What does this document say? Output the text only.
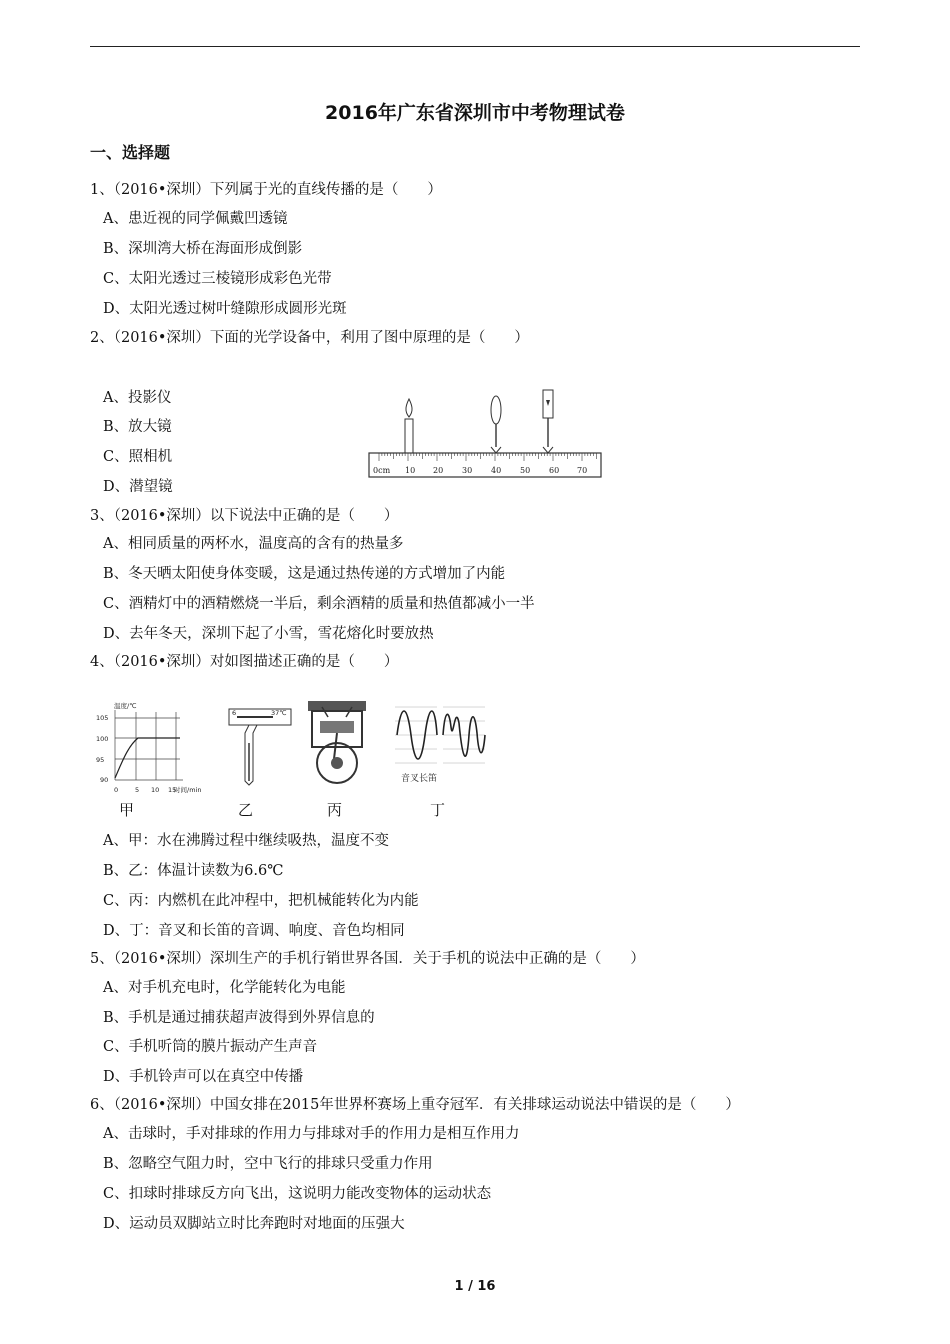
2016年广东省深圳市中考物理试卷
一、选择题
1、（2016•深圳）下列属于光的直线传播的是（　　）
A、患近视的同学佩戴凹透镜
B、深圳湾大桥在海面形成倒影
C、太阳光透过三棱镜形成彩色光带
D、太阳光透过树叶缝隙形成圆形光斑
2、（2016•深圳）下面的光学设备中，利用了图中原理的是（　　）
A、投影仪
B、放大镜
C、照相机
D、潜望镜
0cm 10 20 30 40 50 60 70
3、（2016•深圳）以下说法中正确的是（　　）
A、相同质量的两杯水，温度高的含有的热量多
B、冬天晒太阳使身体变暖，这是通过热传递的方式增加了内能
C、酒精灯中的酒精燃烧一半后，剩余酒精的质量和热值都减小一半
D、去年冬天，深圳下起了小雪，雪花熔化时要放热
4、（2016•深圳）对如图描述正确的是（　　）
温度/℃
105
100
95
90
0	5 10 15
时间/min
6	37℃
音叉长笛
甲	乙	丙	丁
A、甲：水在沸腾过程中继续吸热，温度不变
B、乙：体温计读数为6.6℃
C、丙：内燃机在此冲程中，把机械能转化为内能
D、丁：音叉和长笛的音调、响度、音色均相同
5、（2016•深圳）深圳生产的手机行销世界各国．关于手机的说法中正确的是（　　）
A、对手机充电时，化学能转化为电能
B、手机是通过捕获超声波得到外界信息的
C、手机听筒的膜片振动产生声音
D、手机铃声可以在真空中传播
6、（2016•深圳）中国女排在2015年世界杯赛场上重夺冠军．有关排球运动说法中错误的是（　　）
A、击球时，手对排球的作用力与排球对手的作用力是相互作用力
B、忽略空气阻力时，空中飞行的排球只受重力作用
C、扣球时排球反方向飞出，这说明力能改变物体的运动状态
D、运动员双脚站立时比奔跑时对地面的压强大
1 / 16
